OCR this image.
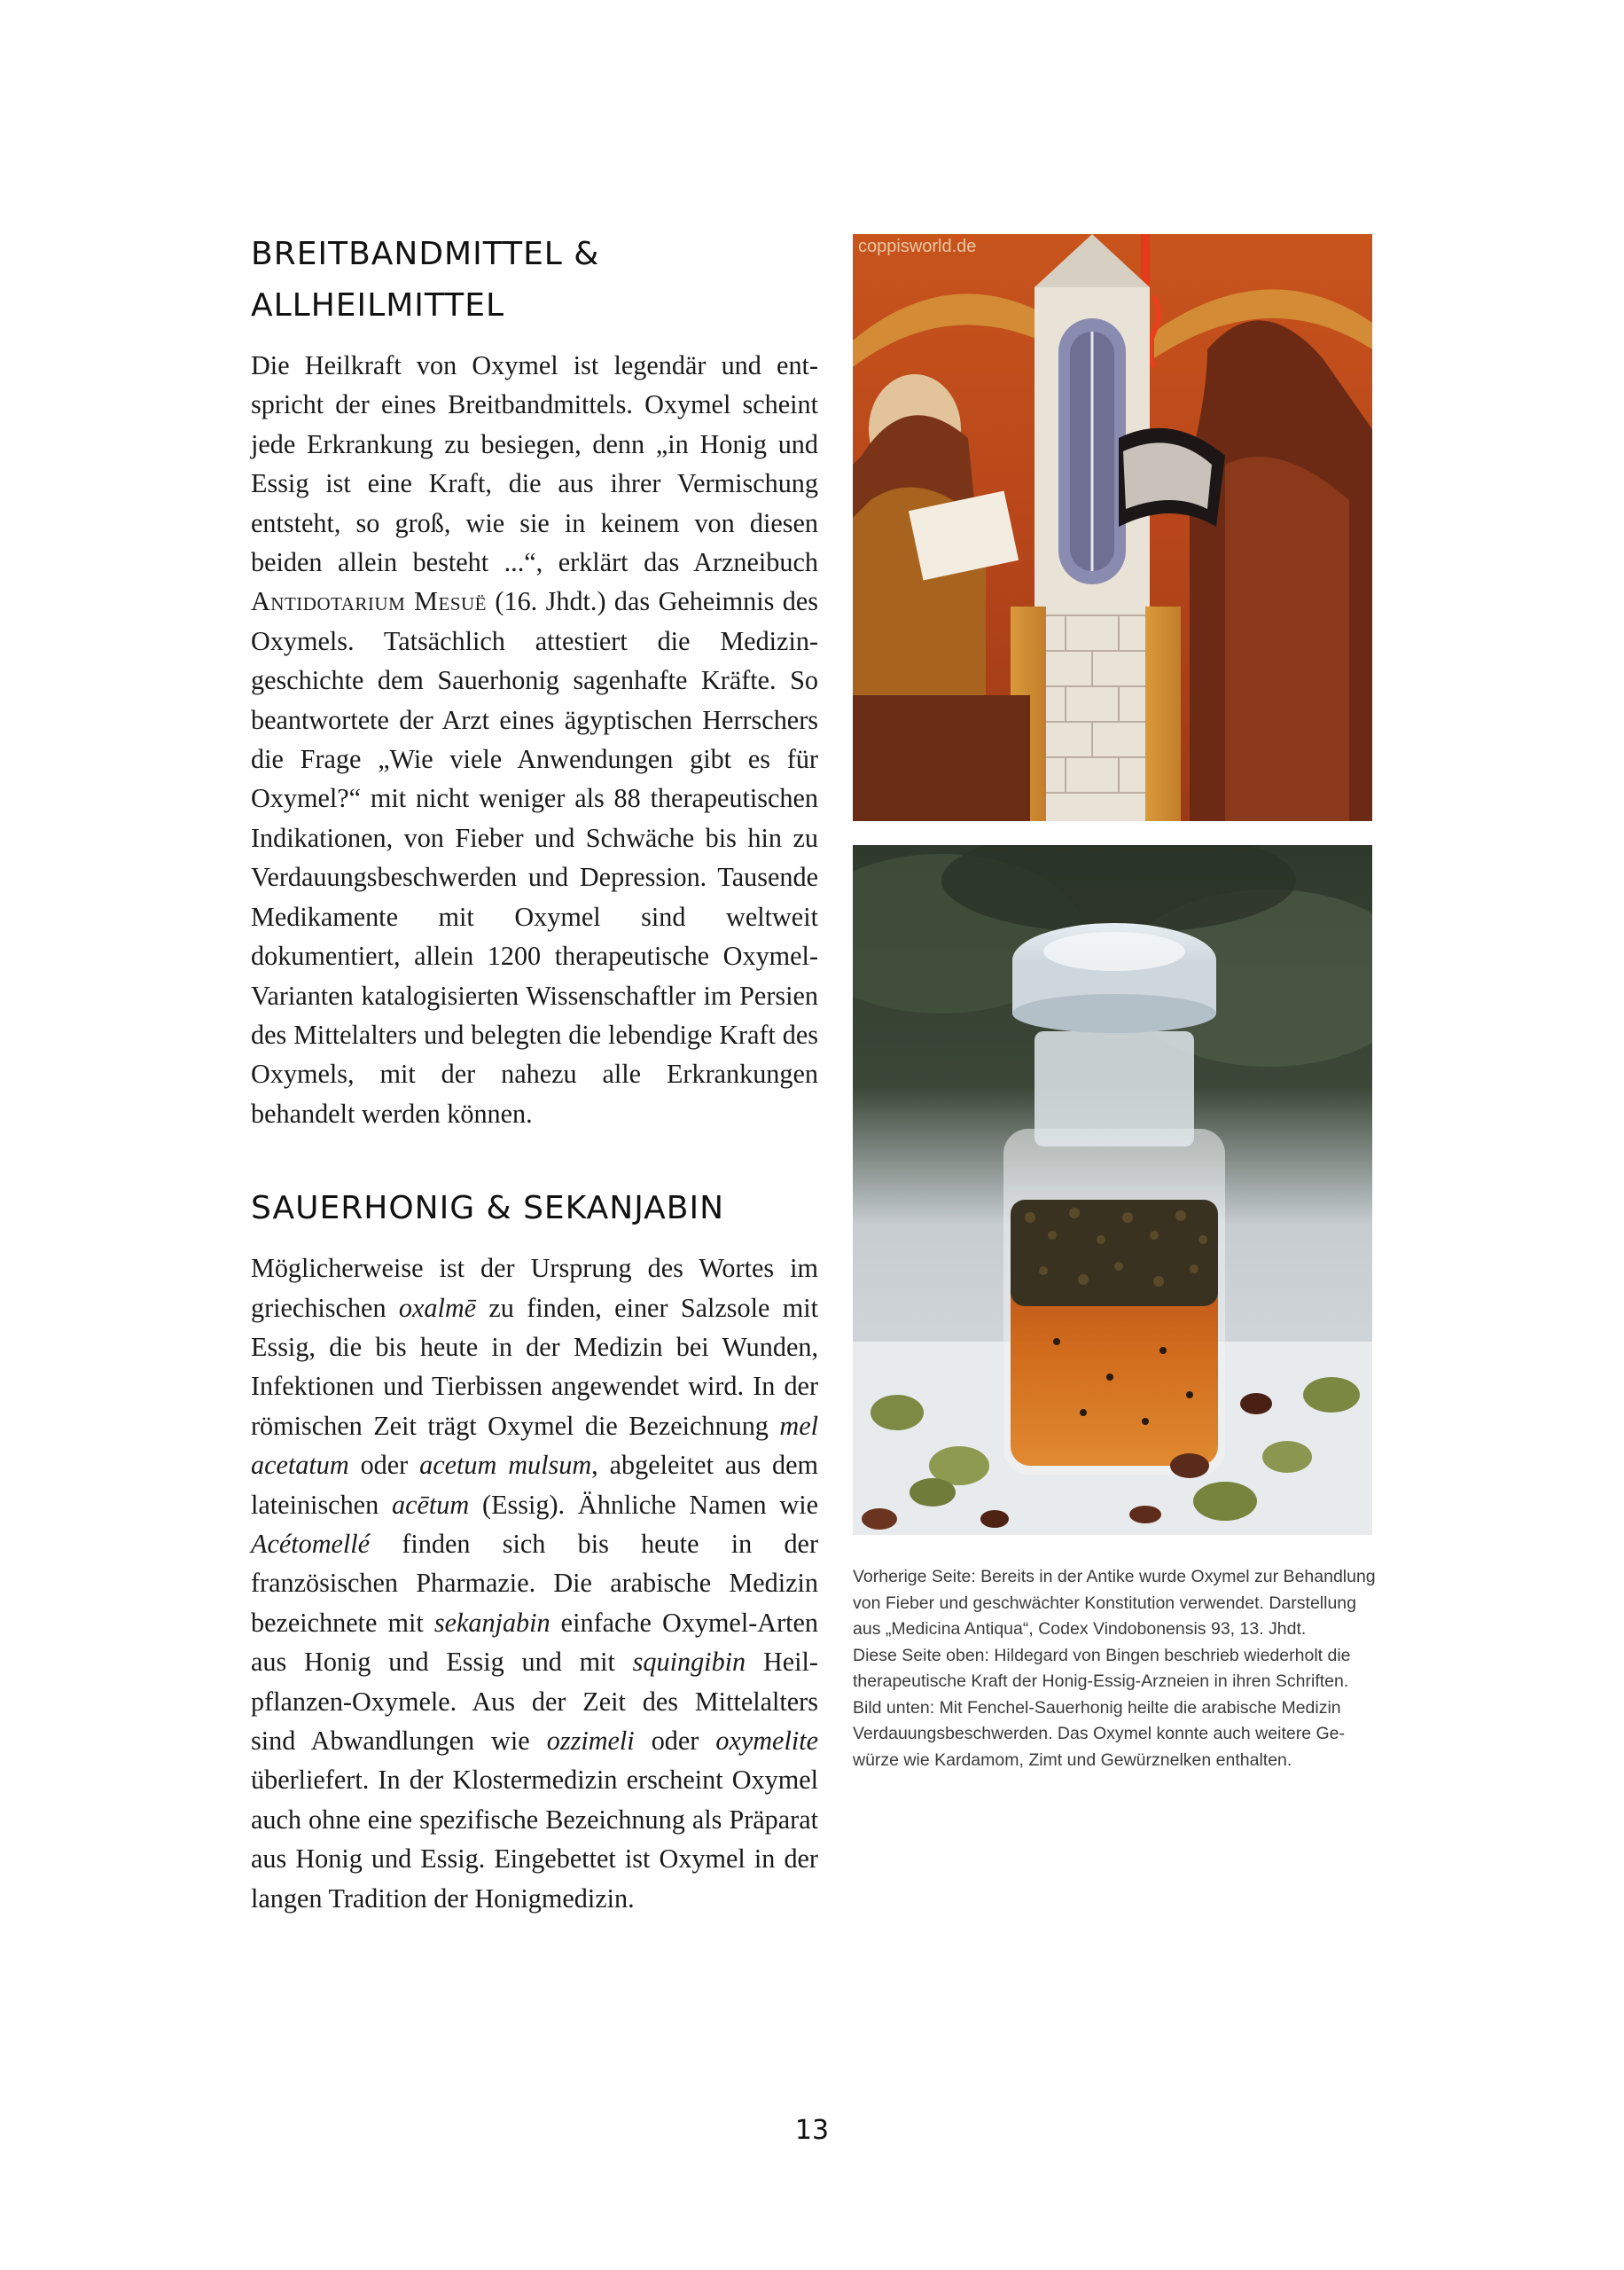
BREITBANDMITTEL &
ALLHEILMITTEL

Die Heilkraft von Oxymel ist legendär und entspricht der eines Breitbandmittels. Oxymel scheint jede Erkrankung zu besiegen, denn „in Honig und Essig ist eine Kraft, die aus ihrer Vermischung entsteht, so groß, wie sie in keinem von diesen beiden allein besteht ...“, erklärt das Arzneibuch Antidotarium Mesuë (16. Jhdt.) das Geheimnis des Oxymels. Tatsächlich attestiert die Medizingeschichte dem Sauerhonig sagenhafte Kräfte. So beantwortete der Arzt eines ägyptischen Herrschers die Frage „Wie viele Anwendungen gibt es für Oxymel?“ mit nicht weniger als 88 therapeutischen Indikationen, von Fieber und Schwäche bis hin zu Verdauungsbeschwerden und Depression. Tausende Medikamente mit Oxymel sind weltweit dokumentiert, allein 1200 therapeutische Oxymel-Varianten katalogisierten Wissenschaftler im Persien des Mittelalters und belegten die lebendige Kraft des Oxymels, mit der nahezu alle Erkrankungen behandelt werden können.

SAUERHONIG & SEKANJABIN

Möglicherweise ist der Ursprung des Wortes im griechischen oxalmē zu finden, einer Salzsole mit Essig, die bis heute in der Medizin bei Wunden, Infektionen und Tierbissen angewendet wird. In der römischen Zeit trägt Oxymel die Bezeichnung mel acetatum oder acetum mulsum, abgeleitet aus dem lateinischen acētum (Essig). Ähnliche Namen wie Acétomellé finden sich bis heute in der französischen Pharmazie. Die arabische Medizin bezeichnete mit sekanjabin einfache Oxymel-Arten aus Honig und Essig und mit squingibin Heilpflanzen-Oxymele. Aus der Zeit des Mittelalters sind Abwandlungen wie ozzimeli oder oxymelite überliefert. In der Klostermedizin erscheint Oxymel auch ohne eine spezifische Bezeichnung als Präparat aus Honig und Essig. Eingebettet ist Oxymel in der langen Tradition der Honigmedizin.

coppisworld.de

Vorherige Seite: Bereits in der Antike wurde Oxymel zur Behandlung von Fieber und geschwächter Konstitution verwendet. Darstellung aus „Medicina Antiqua“, Codex Vindobonensis 93, 13. Jhdt.

Diese Seite oben: Hildegard von Bingen beschrieb wiederholt die therapeutische Kraft der Honig-Essig-Arzneien in ihren Schriften.

Bild unten: Mit Fenchel-Sauerhonig heilte die arabische Medizin Verdauungsbeschwerden. Das Oxymel konnte auch weitere Gewürze wie Kardamom, Zimt und Gewürznelken enthalten.

13
